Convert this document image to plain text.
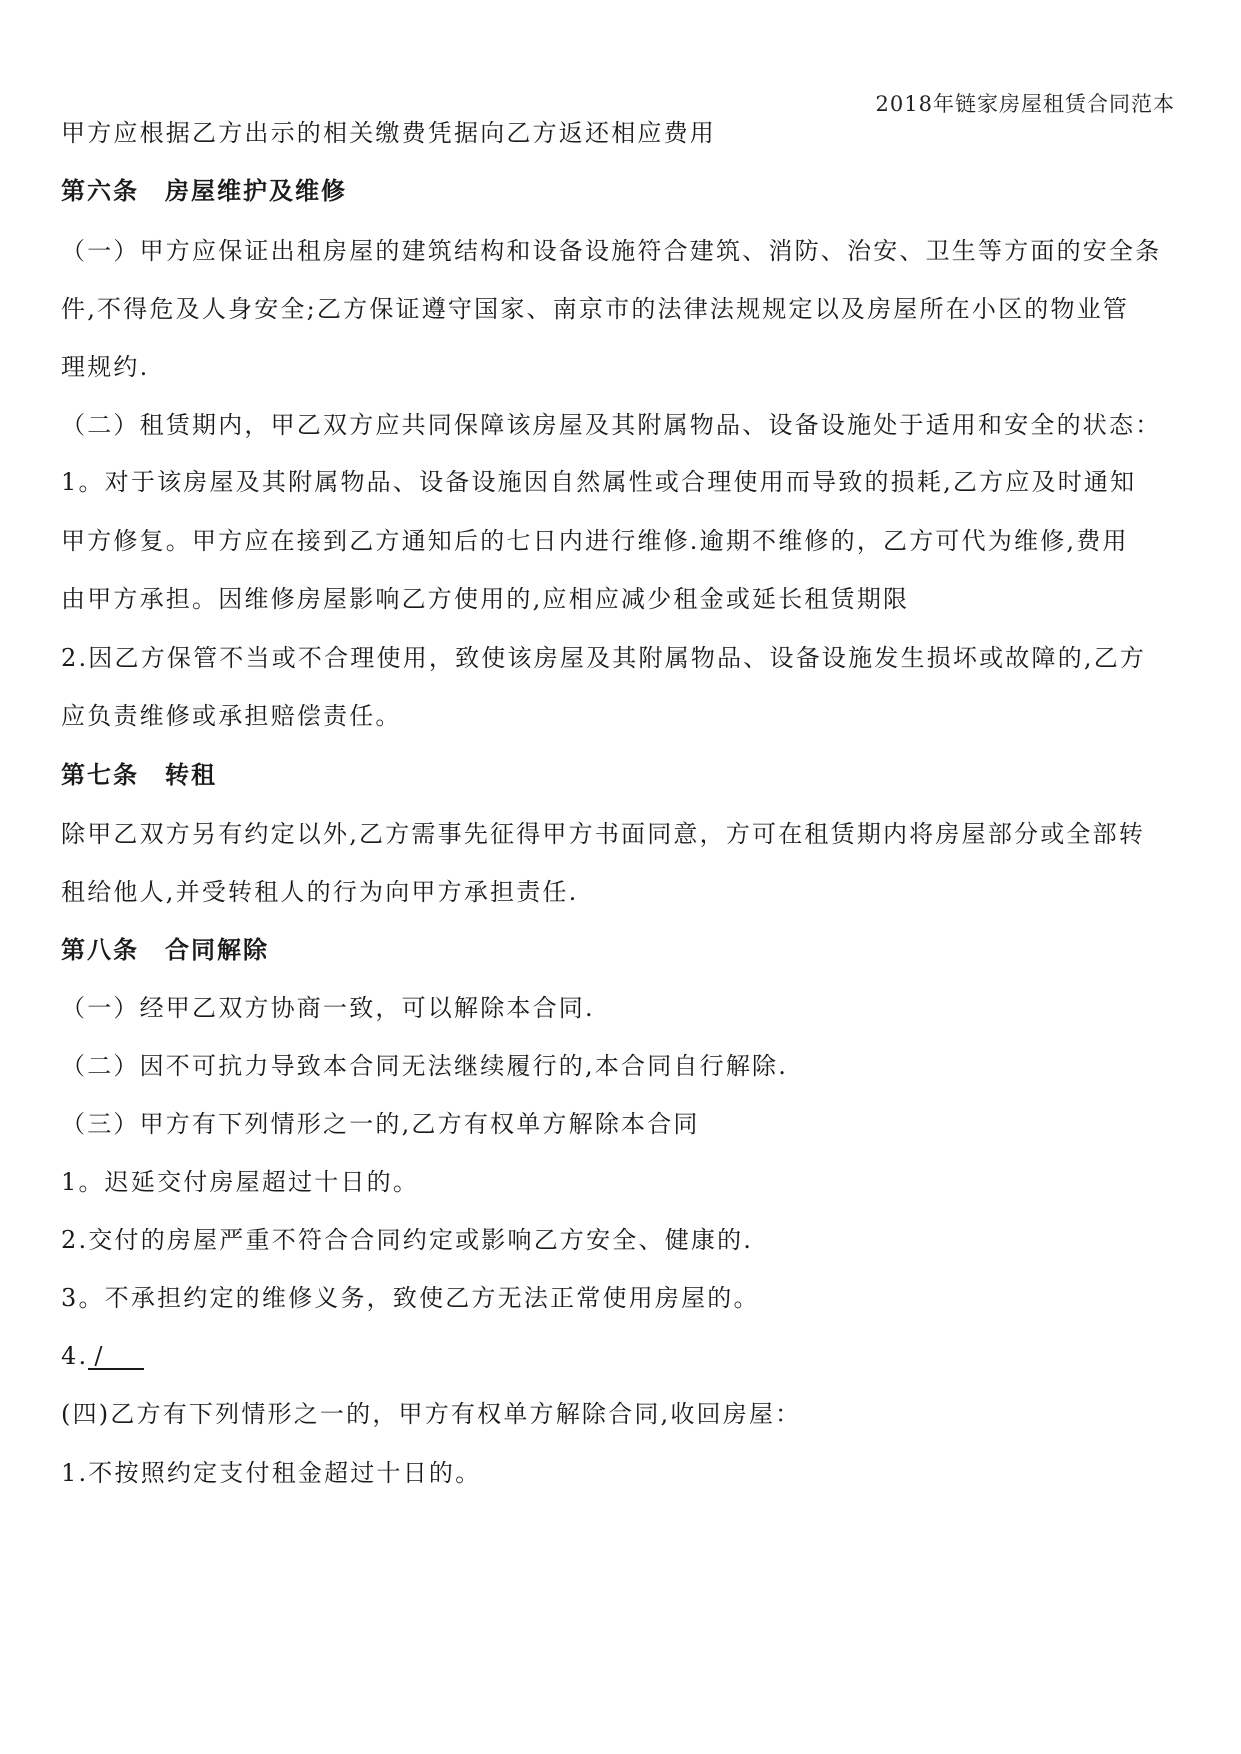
2018年链家房屋租赁合同范本
甲方应根据乙方出示的相关缴费凭据向乙方返还相应费用
第六条　房屋维护及维修
（一）甲方应保证出租房屋的建筑结构和设备设施符合建筑、消防、治安、卫生等方面的安全条
件,不得危及人身安全;乙方保证遵守国家、南京市的法律法规规定以及房屋所在小区的物业管
理规约.
（二）租赁期内，甲乙双方应共同保障该房屋及其附属物品、设备设施处于适用和安全的状态：
1。对于该房屋及其附属物品、设备设施因自然属性或合理使用而导致的损耗,乙方应及时通知
甲方修复。甲方应在接到乙方通知后的七日内进行维修.逾期不维修的，乙方可代为维修,费用
由甲方承担。因维修房屋影响乙方使用的,应相应减少租金或延长租赁期限
2.因乙方保管不当或不合理使用，致使该房屋及其附属物品、设备设施发生损坏或故障的,乙方
应负责维修或承担赔偿责任。
第七条　转租
除甲乙双方另有约定以外,乙方需事先征得甲方书面同意，方可在租赁期内将房屋部分或全部转
租给他人,并受转租人的行为向甲方承担责任.
第八条　合同解除
（一）经甲乙双方协商一致，可以解除本合同.
（二）因不可抗力导致本合同无法继续履行的,本合同自行解除.
（三）甲方有下列情形之一的,乙方有权单方解除本合同
1。迟延交付房屋超过十日的。
2.交付的房屋严重不符合合同约定或影响乙方安全、健康的.
3。不承担约定的维修义务，致使乙方无法正常使用房屋的。
4. /
(四)乙方有下列情形之一的，甲方有权单方解除合同,收回房屋：
1.不按照约定支付租金超过十日的。
